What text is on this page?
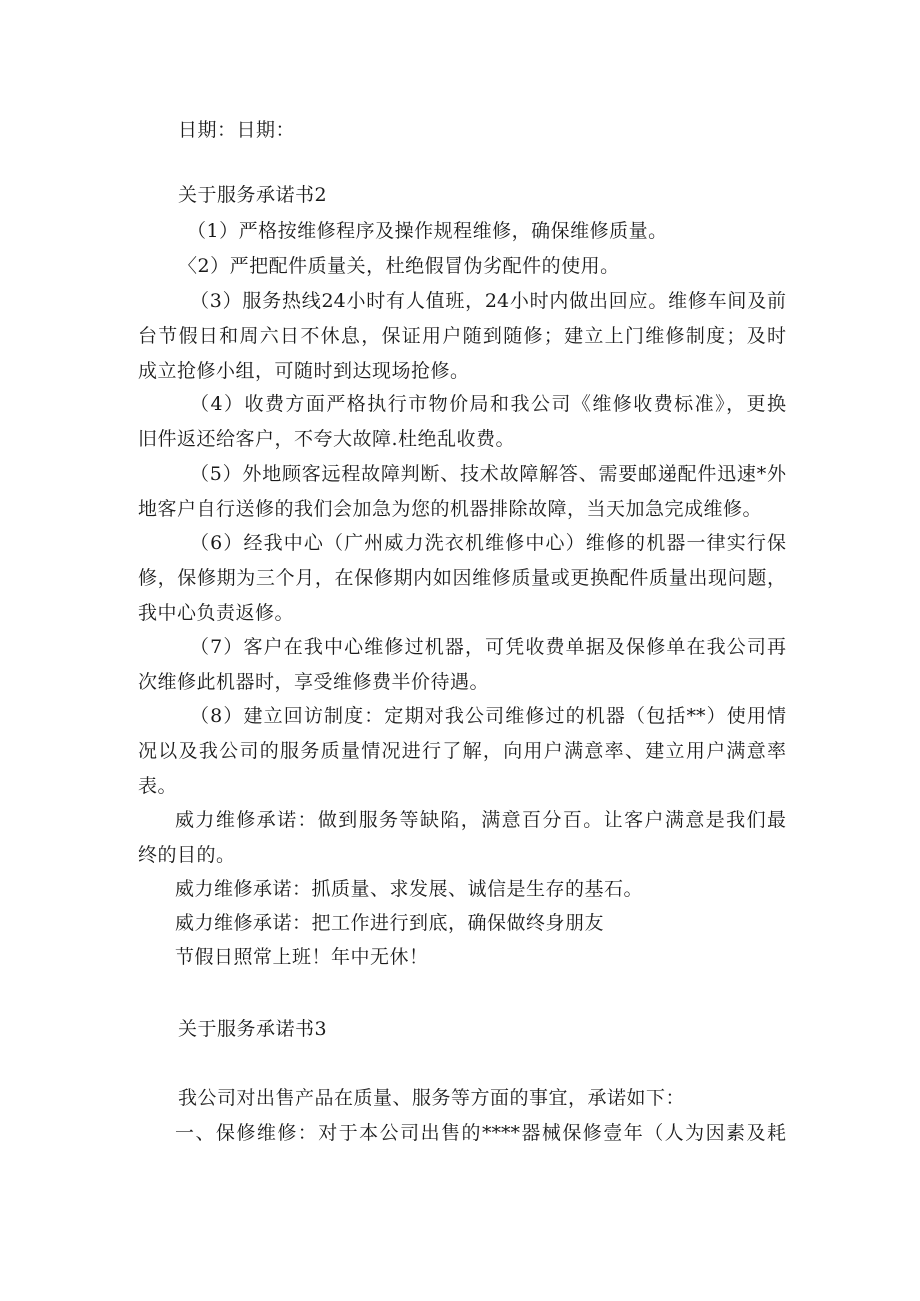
日期：日期：
关于服务承诺书2
（1）严格按维修程序及操作规程维修，确保维修质量。
〈2）严把配件质量关，杜绝假冒伪劣配件的使用。
（3）服务热线24小时有人值班，24小时内做出回应。维修车间及前
台节假日和周六日不休息，保证用户随到随修；建立上门维修制度；及时
成立抢修小组，可随时到达现场抢修。
（4）收费方面严格执行市物价局和我公司《维修收费标准》，更换
旧件返还给客户，不夸大故障.杜绝乱收费。
（5）外地顾客远程故障判断、技术故障解答、需要邮递配件迅速*外
地客户自行送修的我们会加急为您的机器排除故障，当天加急完成维修。
（6）经我中心（广州威力洗衣机维修中心）维修的机器一律实行保
修，保修期为三个月，在保修期内如因维修质量或更换配件质量出现问题，
我中心负责返修。
（7）客户在我中心维修过机器，可凭收费单据及保修单在我公司再
次维修此机器时，享受维修费半价待遇。
（8）建立回访制度：定期对我公司维修过的机器（包括**）使用情
况以及我公司的服务质量情况进行了解，向用户满意率、建立用户满意率
表。
威力维修承诺：做到服务等缺陷，满意百分百。让客户满意是我们最
终的目的。
威力维修承诺：抓质量、求发展、诚信是生存的基石。
威力维修承诺：把工作进行到底，确保做终身朋友
节假日照常上班！年中无休！
关于服务承诺书3
我公司对出售产品在质量、服务等方面的事宜，承诺如下：
一、保修维修：对于本公司出售的****器械保修壹年（人为因素及耗
